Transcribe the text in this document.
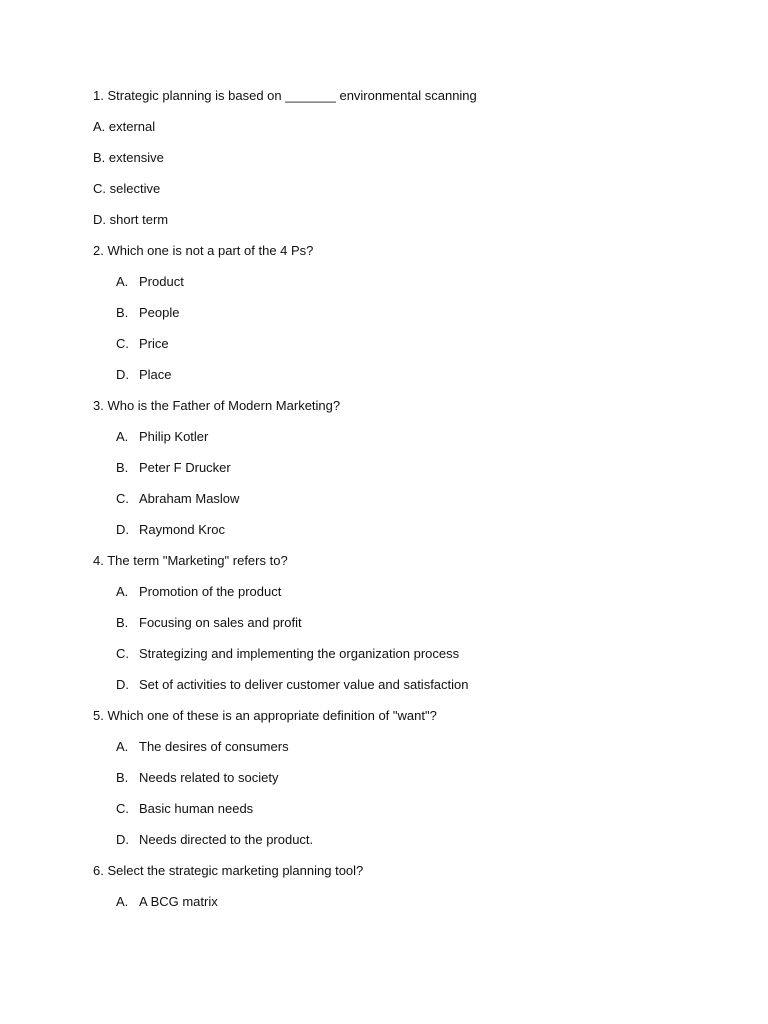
1. Strategic planning is based on _______ environmental scanning
A. external
B. extensive
C. selective
D. short term
2. Which one is not a part of the 4 Ps?
A. Product
B. People
C. Price
D. Place
3. Who is the Father of Modern Marketing?
A. Philip Kotler
B. Peter F Drucker
C. Abraham Maslow
D. Raymond Kroc
4. The term "Marketing" refers to?
A. Promotion of the product
B. Focusing on sales and profit
C. Strategizing and implementing the organization process
D. Set of activities to deliver customer value and satisfaction
5. Which one of these is an appropriate definition of "want"?
A. The desires of consumers
B. Needs related to society
C. Basic human needs
D. Needs directed to the product.
6. Select the strategic marketing planning tool?
A. A BCG matrix
